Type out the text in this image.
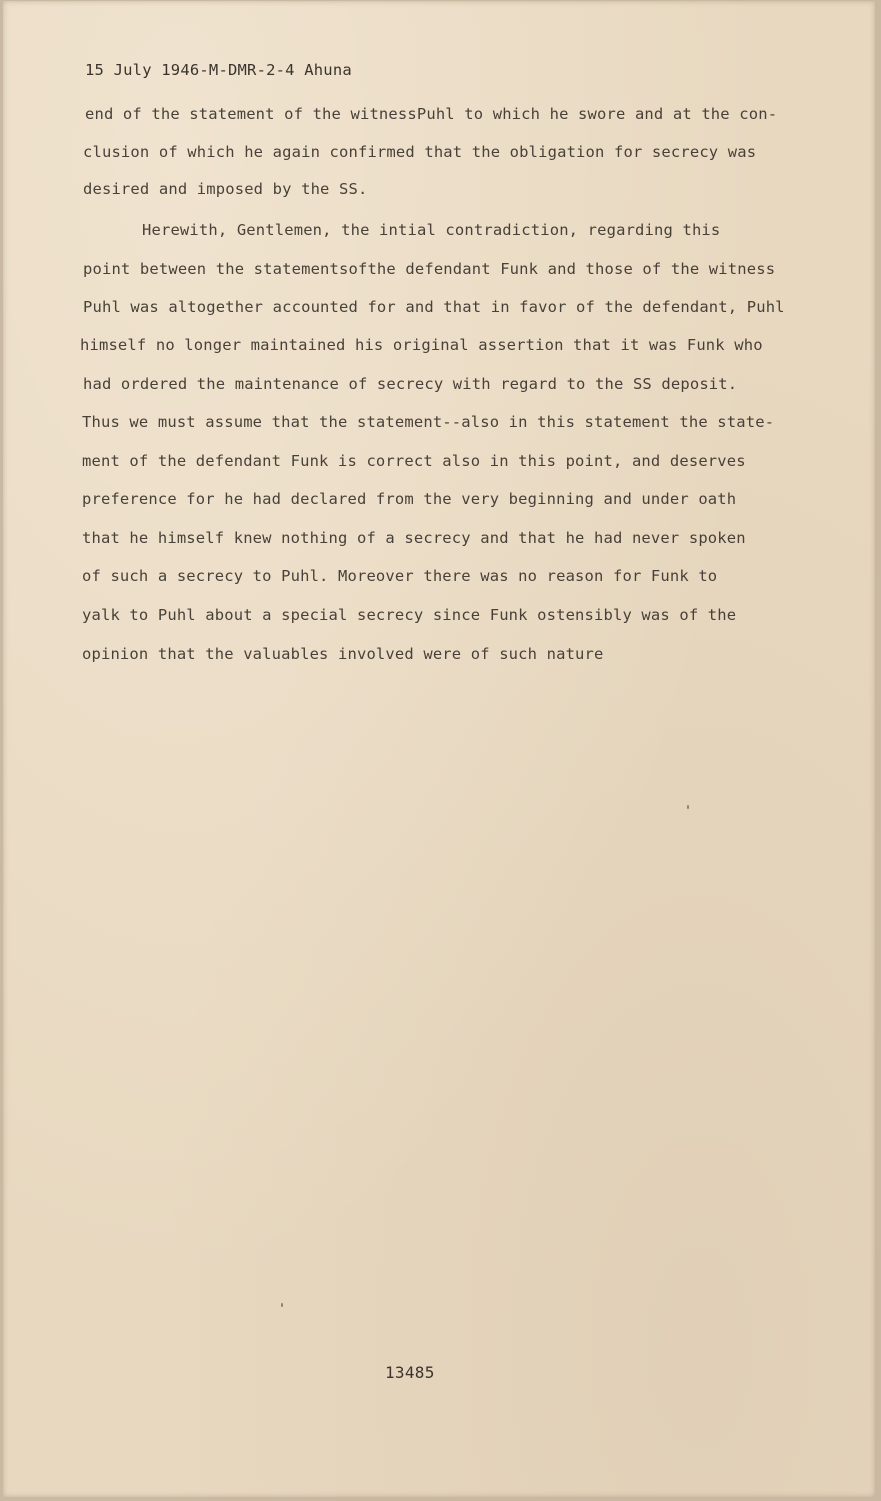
15 July 1946-M-DMR-2-4 Ahuna
end of the statement of the witnessPuhl to which he swore and at the con-
clusion of which he again confirmed that the obligation for secrecy was
desired and imposed by the SS.
Herewith, Gentlemen, the intial contradiction, regarding this
point between the statementsofthe defendant Funk and those of the witness
Puhl was altogether accounted for and that in favor of the defendant, Puhl
himself no longer maintained his original assertion that it was Funk who
had ordered the maintenance of secrecy with regard to the SS deposit.
Thus we must assume that the statement--also in this statement the state-
ment of the defendant Funk is correct also in this point, and deserves
preference for he had declared from the very beginning and under oath
that he himself knew nothing of a secrecy and that he had never spoken
of such a secrecy to Puhl. Moreover there was no reason for Funk to
yalk to Puhl about a special secrecy since Funk ostensibly was of the
opinion that the valuables involved were of such nature
13485
